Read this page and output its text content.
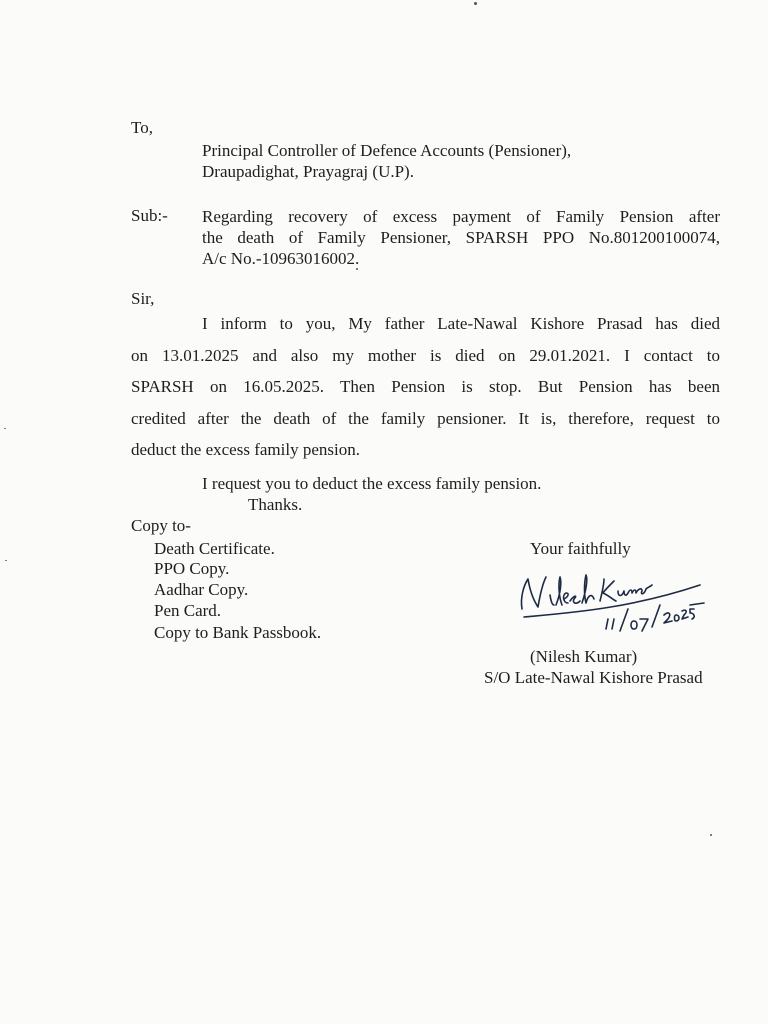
To,
Principal Controller of Defence Accounts (Pensioner),
Draupadighat, Prayagraj (U.P).
Sub:- Regarding recovery of excess payment of Family Pension after
the death of Family Pensioner, SPARSH PPO No.801200100074,
A/c No.-10963016002.
Sir,
I inform to you, My father Late-Nawal Kishore Prasad has died
on 13.01.2025 and also my mother is died on 29.01.2021. I contact to
SPARSH on 16.05.2025. Then Pension is stop. But Pension has been
credited after the death of the family pensioner. It is, therefore, request to
deduct the excess family pension.
I request you to deduct the excess family pension.
Thanks.
Copy to-
Death Certificate.
PPO Copy.
Aadhar Copy.
Pen Card.
Copy to Bank Passbook.
Your faithfully
(Nilesh Kumar)
S/O Late-Nawal Kishore Prasad
